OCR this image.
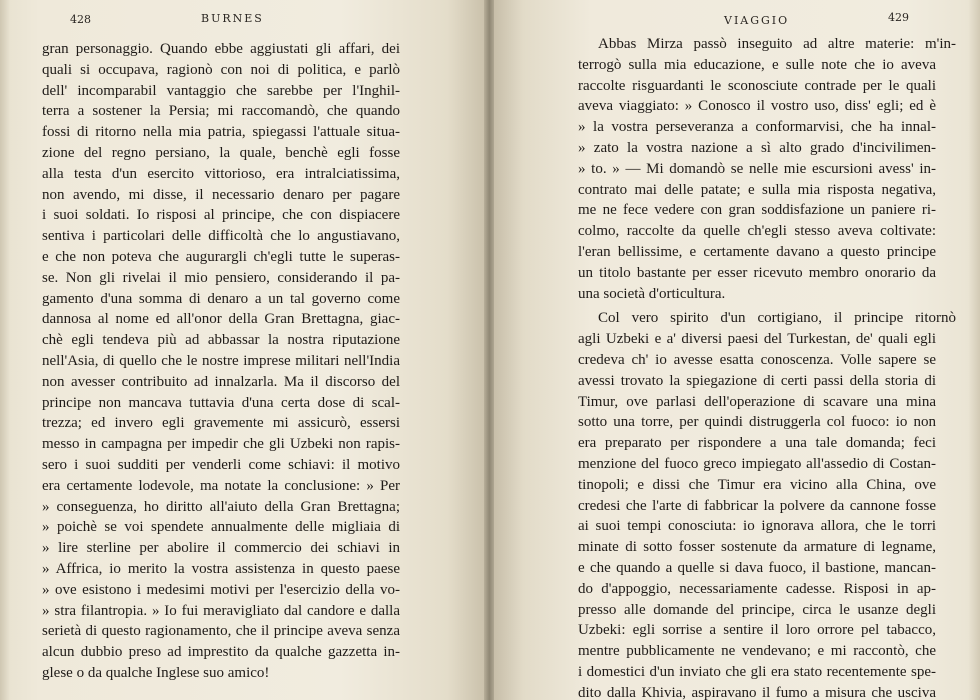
428	BURNES
gran personaggio. Quando ebbe aggiustati gli affari, dei
quali si occupava, ragionò con noi di politica, e parlò
dell' incomparabil vantaggio che sarebbe per l'Inghil-
terra a sostener la Persia; mi raccomandò, che quando
fossi di ritorno nella mia patria, spiegassi l'attuale situa-
zione del regno persiano, la quale, benchè egli fosse
alla testa d'un esercito vittorioso, era intralciatissima,
non avendo, mi disse, il necessario denaro per pagare
i suoi soldati. Io risposi al principe, che con dispiacere
sentiva i particolari delle difficoltà che lo angustiavano,
e che non poteva che augurargli ch'egli tutte le superas-
se. Non gli rivelai il mio pensiero, considerando il pa-
gamento d'una somma di denaro a un tal governo come
dannosa al nome ed all'onor della Gran Brettagna, giac-
chè egli tendeva più ad abbassar la nostra riputazione
nell'Asia, di quello che le nostre imprese militari nell'India
non avesser contribuito ad innalzarla. Ma il discorso del
principe non mancava tuttavia d'una certa dose di scal-
trezza; ed invero egli gravemente mi assicurò, essersi
messo in campagna per impedir che gli Uzbeki non rapis-
sero i suoi sudditi per venderli come schiavi: il motivo
era certamente lodevole, ma notate la conclusione: » Per
» conseguenza, ho diritto all'aiuto della Gran Brettagna;
» poichè se voi spendete annualmente delle migliaia di
» lire sterline per abolire il commercio dei schiavi in
» Affrica, io merito la vostra assistenza in questo paese
» ove esistono i medesimi motivi per l'esercizio della vo-
» stra filantropia. » Io fui meravigliato dal candore e dalla
serietà di questo ragionamento, che il principe aveva senza
alcun dubbio preso ad imprestito da qualche gazzetta in-
glese o da qualche Inglese suo amico!
VIAGGIO	429
Abbas Mirza passò inseguito ad altre materie: m'in-
terrogò sulla mia educazione, e sulle note che io aveva
raccolte risguardanti le sconosciute contrade per le quali
aveva viaggiato: » Conosco il vostro uso, diss' egli; ed è
» la vostra perseveranza a conformarvisi, che ha innal-
» zato la vostra nazione a sì alto grado d'incivilimen-
» to. » — Mi domandò se nelle mie escursioni avess' in-
contrato mai delle patate; e sulla mia risposta negativa,
me ne fece vedere con gran soddisfazione un paniere ri-
colmo, raccolte da quelle ch'egli stesso aveva coltivate:
l'eran bellissime, e certamente davano a questo principe
un titolo bastante per esser ricevuto membro onorario da
una società d'orticultura.
Col vero spirito d'un cortigiano, il principe ritornò
agli Uzbeki e a' diversi paesi del Turkestan, de' quali egli
credeva ch' io avesse esatta conoscenza. Volle sapere se
avessi trovato la spiegazione di certi passi della storia di
Timur, ove parlasi dell'operazione di scavare una mina
sotto una torre, per quindi distruggerla col fuoco: io non
era preparato per rispondere a una tale domanda; feci
menzione del fuoco greco impiegato all'assedio di Costan-
tinopoli; e dissi che Timur era vicino alla China, ove
credesi che l'arte di fabbricar la polvere da cannone fosse
ai suoi tempi conosciuta: io ignorava allora, che le torri
minate di sotto fosser sostenute da armature di legname,
e che quando a quelle si dava fuoco, il bastione, mancan-
do d'appoggio, necessariamente cadesse. Risposi in ap-
presso alle domande del principe, circa le usanze degli
Uzbeki: egli sorrise a sentire il loro orrore pel tabacco,
mentre pubblicamente ne vendevano; e mi raccontò, che
i domestici d'un inviato che gli era stato recentemente spe-
dito dalla Khivia, aspiravano il fumo a misura che usciva
